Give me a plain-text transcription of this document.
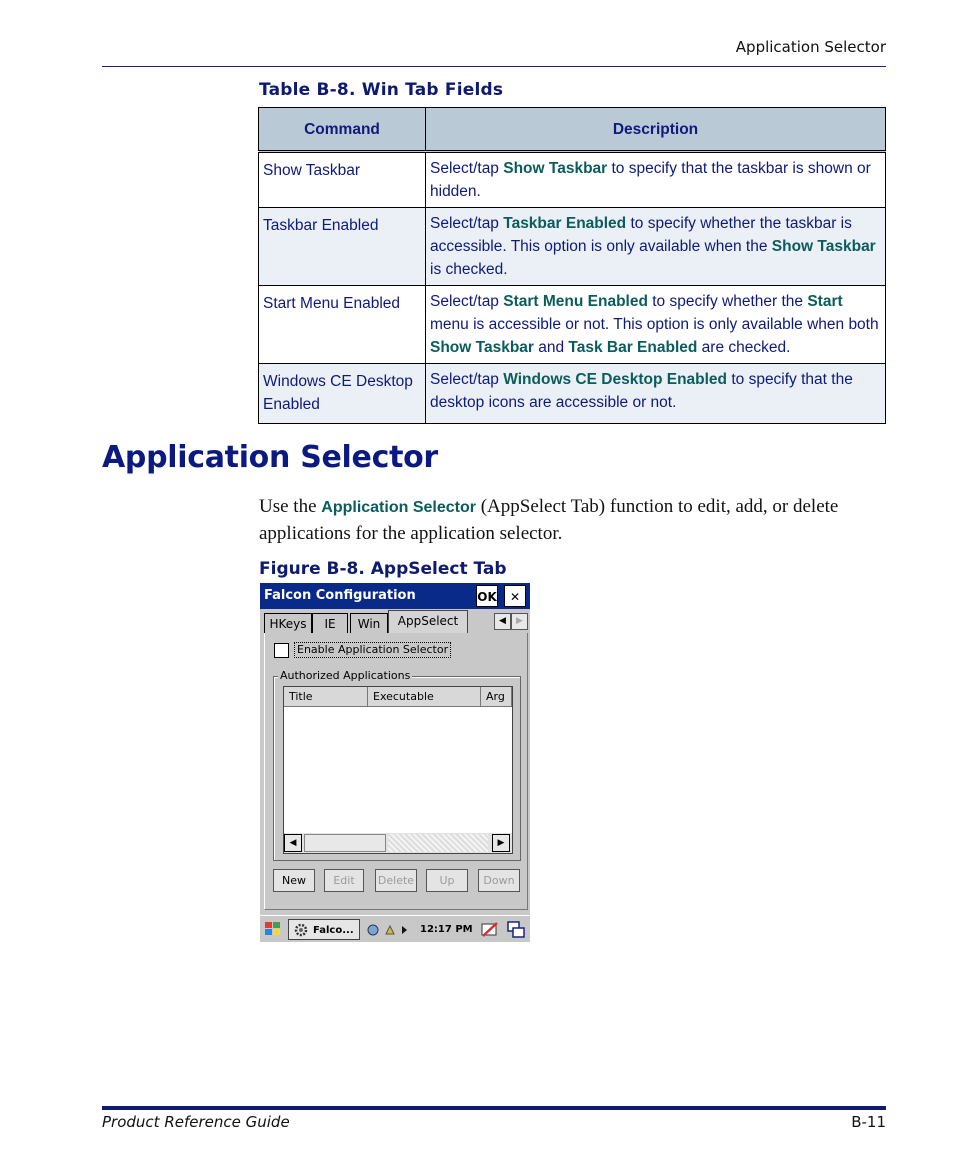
Application Selector
Table B-8. Win Tab Fields
Command	Description
Show Taskbar	Select/tap Show Taskbar to specify that the taskbar is shown or hidden.
Taskbar Enabled	Select/tap Taskbar Enabled to specify whether the taskbar is accessible. This option is only available when the Show Taskbar is checked.
Start Menu Enabled	Select/tap Start Menu Enabled to specify whether the Start menu is accessible or not. This option is only available when both Show Taskbar and Task Bar Enabled are checked.
Windows CE Desktop Enabled	Select/tap Windows CE Desktop Enabled to specify that the desktop icons are accessible or not.
Application Selector
Use the Application Selector (AppSelect Tab) function to edit, add, or delete applications for the application selector.
Figure B-8. AppSelect Tab
Falcon Configuration	OK	✕
HKeys	IE	Win	AppSelect	◀	▶
Enable Application Selector
Authorized Applications
Title	Executable	Arg
◀	▶
New	Edit	Delete	Up	Down
Falco...	12:17 PM
Product Reference Guide	B-11
